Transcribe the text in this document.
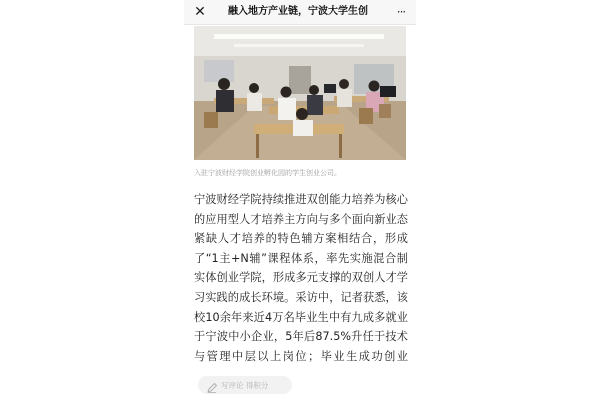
✕ 融入地方产业链，宁波大学生创	···
入驻宁波财经学院创业孵化园的学生创业公司。
宁波财经学院持续推进双创能力培养为核心的应用型人才培养主方向与多个面向新业态紧缺人才培养的特色辅方案相结合，形成了“1主+N辅”课程体系，率先实施混合制实体创业学院，形成多元支撑的双创人才学习实践的成长环境。采访中，记者获悉，该校10余年来近4万名毕业生中有九成多就业于宁波中小企业，5年后87.5%升任于技术与管理中层以上岗位；毕业生成功创业
写评论 得积分
